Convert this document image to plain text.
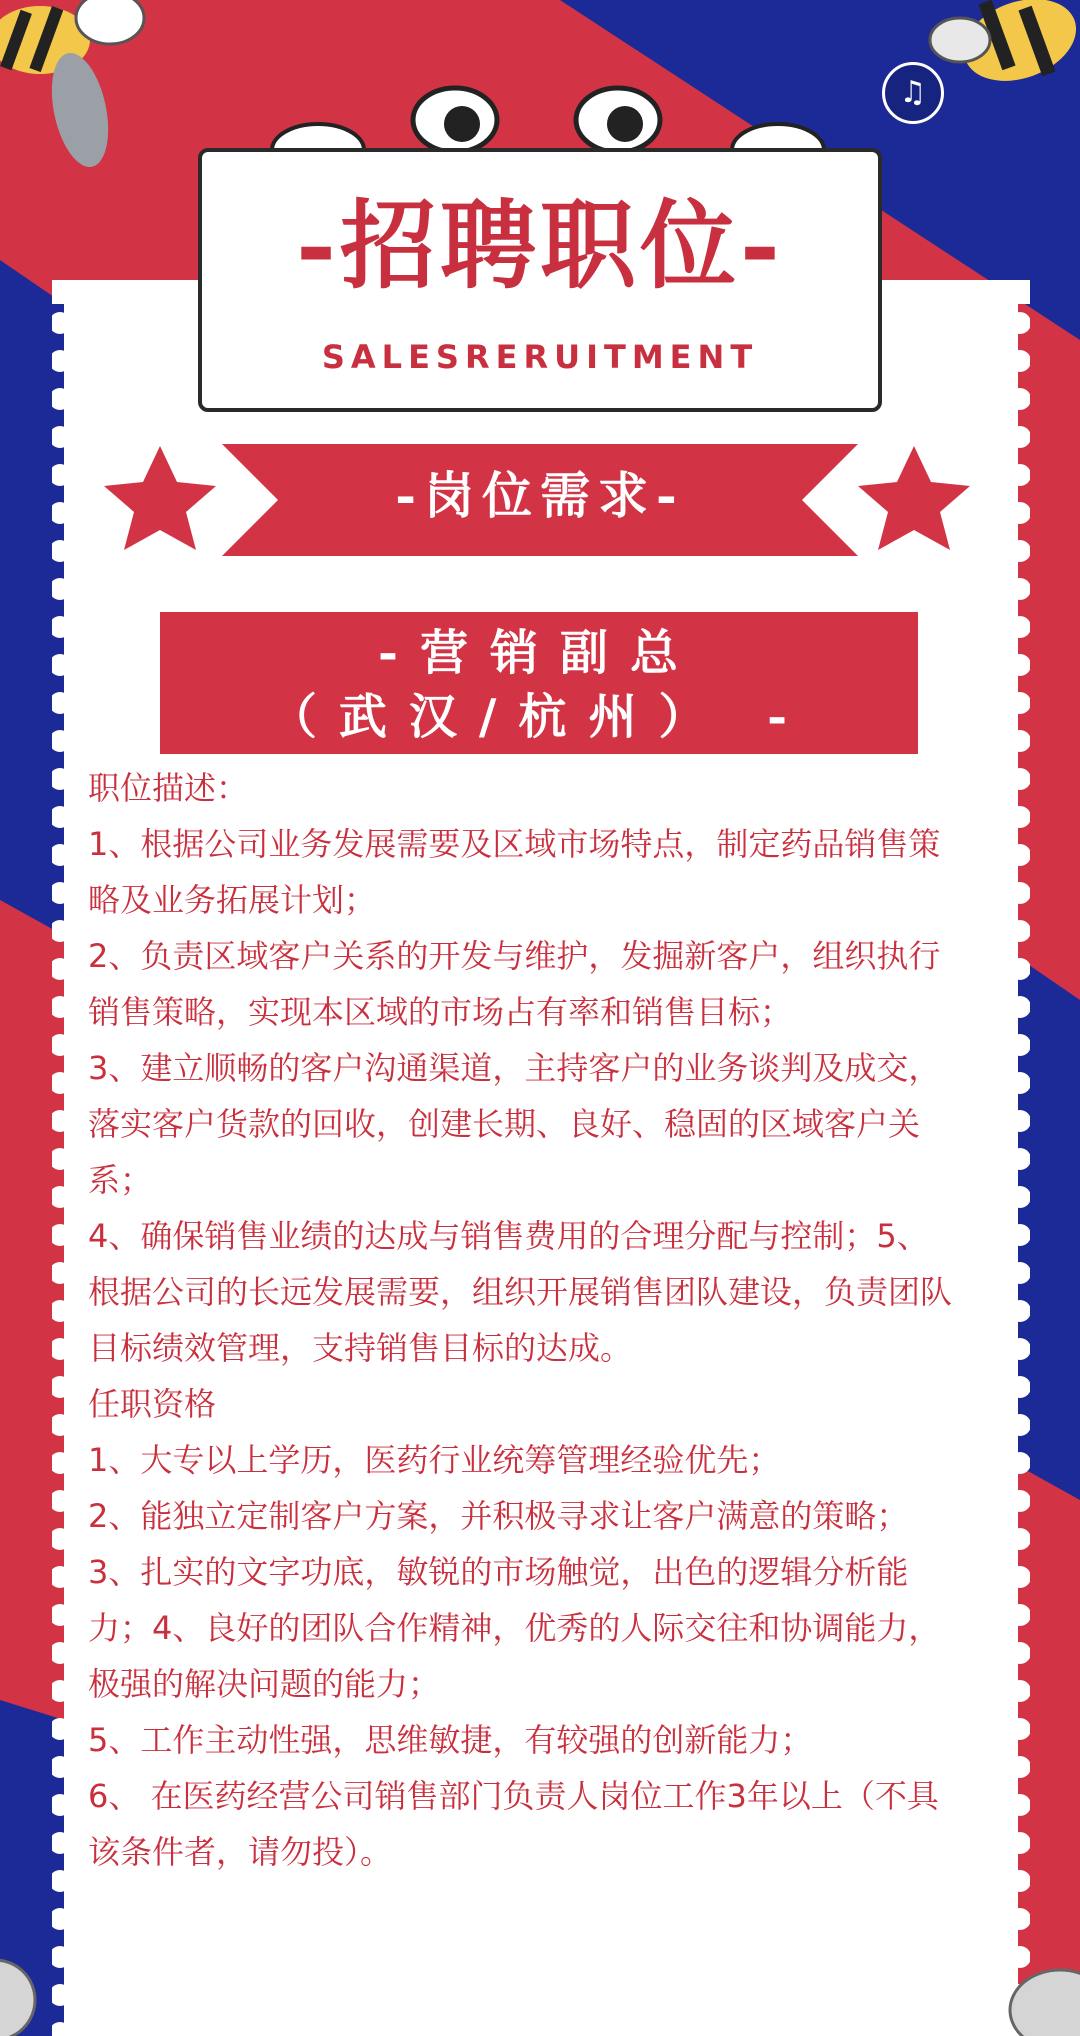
♫
-招聘职位-
SALESRERUITMENT
-岗位需求-
-营销副总
（武汉/杭州） -

职位描述：

1、根据公司业务发展需要及区域市场特点，制定药品销售策略及业务拓展计划；

2、负责区域客户关系的开发与维护，发掘新客户，组织执行销售策略，实现本区域的市场占有率和销售目标；

3、建立顺畅的客户沟通渠道，主持客户的业务谈判及成交，落实客户货款的回收，创建长期、良好、稳固的区域客户关系；

4、确保销售业绩的达成与销售费用的合理分配与控制；5、根据公司的长远发展需要，组织开展销售团队建设，负责团队目标绩效管理，支持销售目标的达成。

任职资格

1、大专以上学历，医药行业统筹管理经验优先；

2、能独立定制客户方案，并积极寻求让客户满意的策略；3、扎实的文字功底，敏锐的市场触觉，出色的逻辑分析能力；4、良好的团队合作精神，优秀的人际交往和协调能力，极强的解决问题的能力；

5、工作主动性强，思维敏捷，有较强的创新能力；

6、 在医药经营公司销售部门负责人岗位工作3年以上（不具该条件者，请勿投）。
